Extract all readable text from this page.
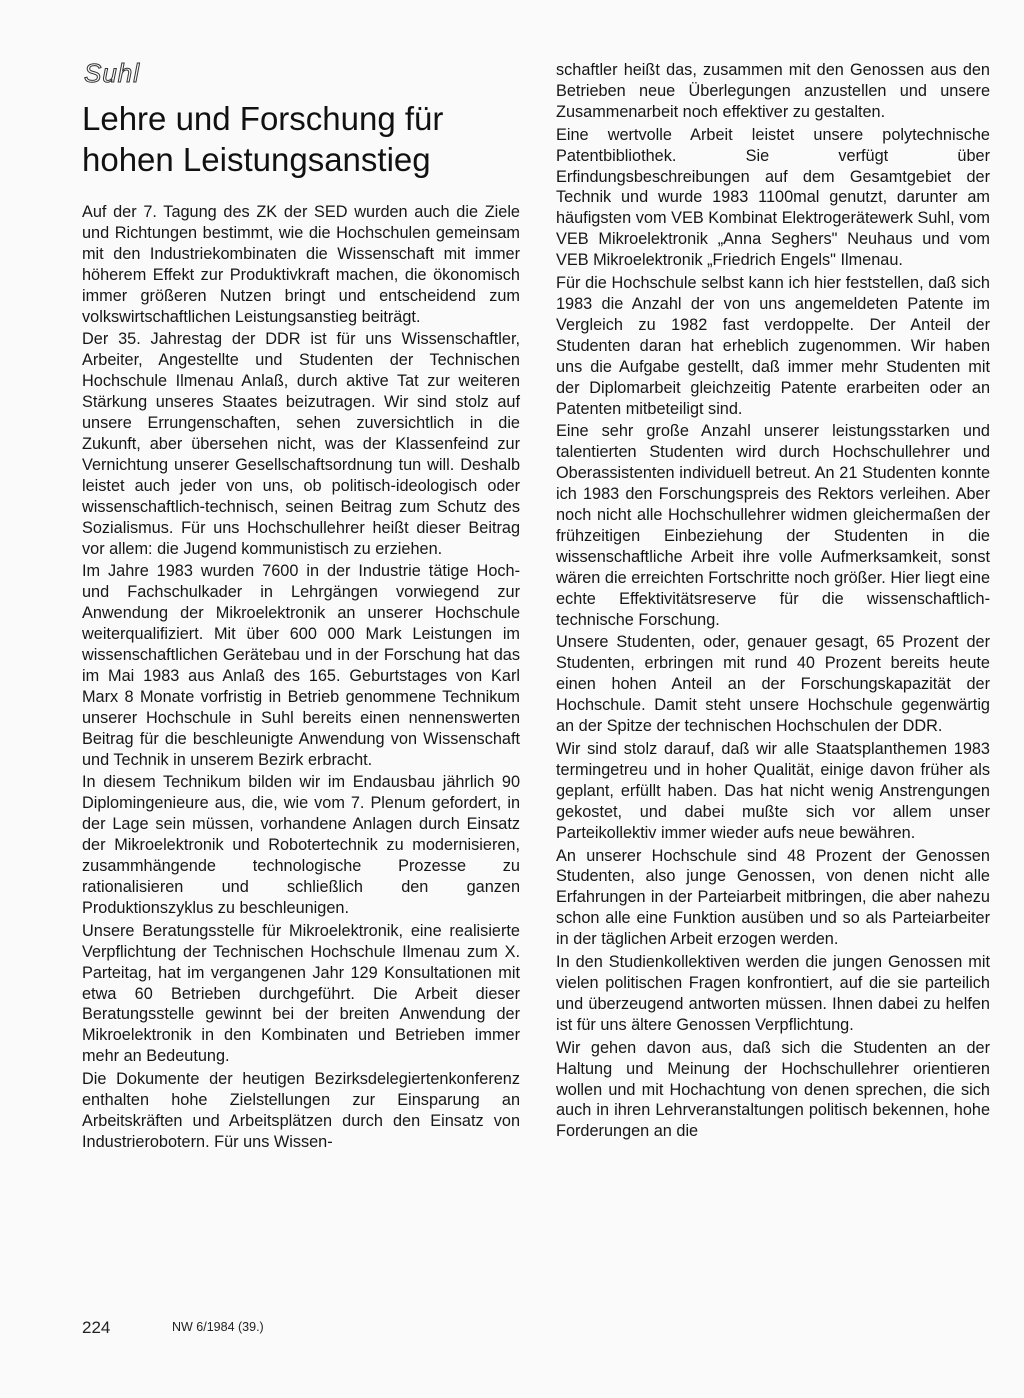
Suhl
Lehre und Forschung für hohen Leistungsanstieg

Auf der 7. Tagung des ZK der SED wurden auch die Ziele und Richtungen bestimmt, wie die Hochschulen gemeinsam mit den Industriekombinaten die Wissenschaft mit immer höherem Effekt zur Produktivkraft machen, die ökonomisch immer größeren Nutzen bringt und entscheidend zum volkswirtschaftlichen Leistungsanstieg beiträgt.

Der 35. Jahrestag der DDR ist für uns Wissenschaftler, Arbeiter, Angestellte und Studenten der Technischen Hochschule Ilmenau Anlaß, durch aktive Tat zur weiteren Stärkung unseres Staates beizutragen. Wir sind stolz auf unsere Errungenschaften, sehen zuversichtlich in die Zukunft, aber übersehen nicht, was der Klassenfeind zur Vernichtung unserer Gesellschaftsordnung tun will. Deshalb leistet auch jeder von uns, ob politisch-ideologisch oder wissenschaftlich-technisch, seinen Beitrag zum Schutz des Sozialismus. Für uns Hochschullehrer heißt dieser Beitrag vor allem: die Jugend kommunistisch zu erziehen.

Im Jahre 1983 wurden 7600 in der Industrie tätige Hoch- und Fachschulkader in Lehrgängen vorwiegend zur Anwendung der Mikroelektronik an unserer Hochschule weiterqualifiziert. Mit über 600 000 Mark Leistungen im wissenschaftlichen Gerätebau und in der Forschung hat das im Mai 1983 aus Anlaß des 165. Geburtstages von Karl Marx 8 Monate vorfristig in Betrieb genommene Technikum unserer Hochschule in Suhl bereits einen nennenswerten Beitrag für die beschleunigte Anwendung von Wissenschaft und Technik in unserem Bezirk erbracht.

In diesem Technikum bilden wir im Endausbau jährlich 90 Diplomingenieure aus, die, wie vom 7. Plenum gefordert, in der Lage sein müssen, vorhandene Anlagen durch Einsatz der Mikroelektronik und Robotertechnik zu modernisieren, zusammhängende technologische Prozesse zu rationalisieren und schließlich den ganzen Produktionszyklus zu beschleunigen.

Unsere Beratungsstelle für Mikroelektronik, eine realisierte Verpflichtung der Technischen Hochschule Ilmenau zum X. Parteitag, hat im vergangenen Jahr 129 Konsultationen mit etwa 60 Betrieben durchgeführt. Die Arbeit dieser Beratungsstelle gewinnt bei der breiten Anwendung der Mikroelektronik in den Kombinaten und Betrieben immer mehr an Bedeutung.

Die Dokumente der heutigen Bezirksdelegiertenkonferenz enthalten hohe Zielstellungen zur Einsparung an Arbeitskräften und Arbeitsplätzen durch den Einsatz von Industrierobotern. Für uns Wissen-

schaftler heißt das, zusammen mit den Genossen aus den Betrieben neue Überlegungen anzustellen und unsere Zusammenarbeit noch effektiver zu gestalten.

Eine wertvolle Arbeit leistet unsere polytechnische Patentbibliothek. Sie verfügt über Erfindungsbeschreibungen auf dem Gesamtgebiet der Technik und wurde 1983 1100mal genutzt, darunter am häufigsten vom VEB Kombinat Elektrogerätewerk Suhl, vom VEB Mikroelektronik „Anna Seghers" Neuhaus und vom VEB Mikroelektronik „Friedrich Engels" Ilmenau.

Für die Hochschule selbst kann ich hier feststellen, daß sich 1983 die Anzahl der von uns angemeldeten Patente im Vergleich zu 1982 fast verdoppelte. Der Anteil der Studenten daran hat erheblich zugenommen. Wir haben uns die Aufgabe gestellt, daß immer mehr Studenten mit der Diplomarbeit gleichzeitig Patente erarbeiten oder an Patenten mitbeteiligt sind.

Eine sehr große Anzahl unserer leistungsstarken und talentierten Studenten wird durch Hochschullehrer und Oberassistenten individuell betreut. An 21 Studenten konnte ich 1983 den Forschungspreis des Rektors verleihen. Aber noch nicht alle Hochschullehrer widmen gleichermaßen der frühzeitigen Einbeziehung der Studenten in die wissenschaftliche Arbeit ihre volle Aufmerksamkeit, sonst wären die erreichten Fortschritte noch größer. Hier liegt eine echte Effektivitätsreserve für die wissenschaftlich-technische Forschung.

Unsere Studenten, oder, genauer gesagt, 65 Prozent der Studenten, erbringen mit rund 40 Prozent bereits heute einen hohen Anteil an der Forschungskapazität der Hochschule. Damit steht unsere Hochschule gegenwärtig an der Spitze der technischen Hochschulen der DDR.

Wir sind stolz darauf, daß wir alle Staatsplanthemen 1983 termingetreu und in hoher Qualität, einige davon früher als geplant, erfüllt haben. Das hat nicht wenig Anstrengungen gekostet, und dabei mußte sich vor allem unser Parteikollektiv immer wieder aufs neue bewähren.

An unserer Hochschule sind 48 Prozent der Genossen Studenten, also junge Genossen, von denen nicht alle Erfahrungen in der Parteiarbeit mitbringen, die aber nahezu schon alle eine Funktion ausüben und so als Parteiarbeiter in der täglichen Arbeit erzogen werden.

In den Studienkollektiven werden die jungen Genossen mit vielen politischen Fragen konfrontiert, auf die sie parteilich und überzeugend antworten müssen. Ihnen dabei zu helfen ist für uns ältere Genossen Verpflichtung.

Wir gehen davon aus, daß sich die Studenten an der Haltung und Meinung der Hochschullehrer orientieren wollen und mit Hochachtung von denen sprechen, die sich auch in ihren Lehrveranstaltungen politisch bekennen, hohe Forderungen an die

224	NW 6/1984 (39.)
